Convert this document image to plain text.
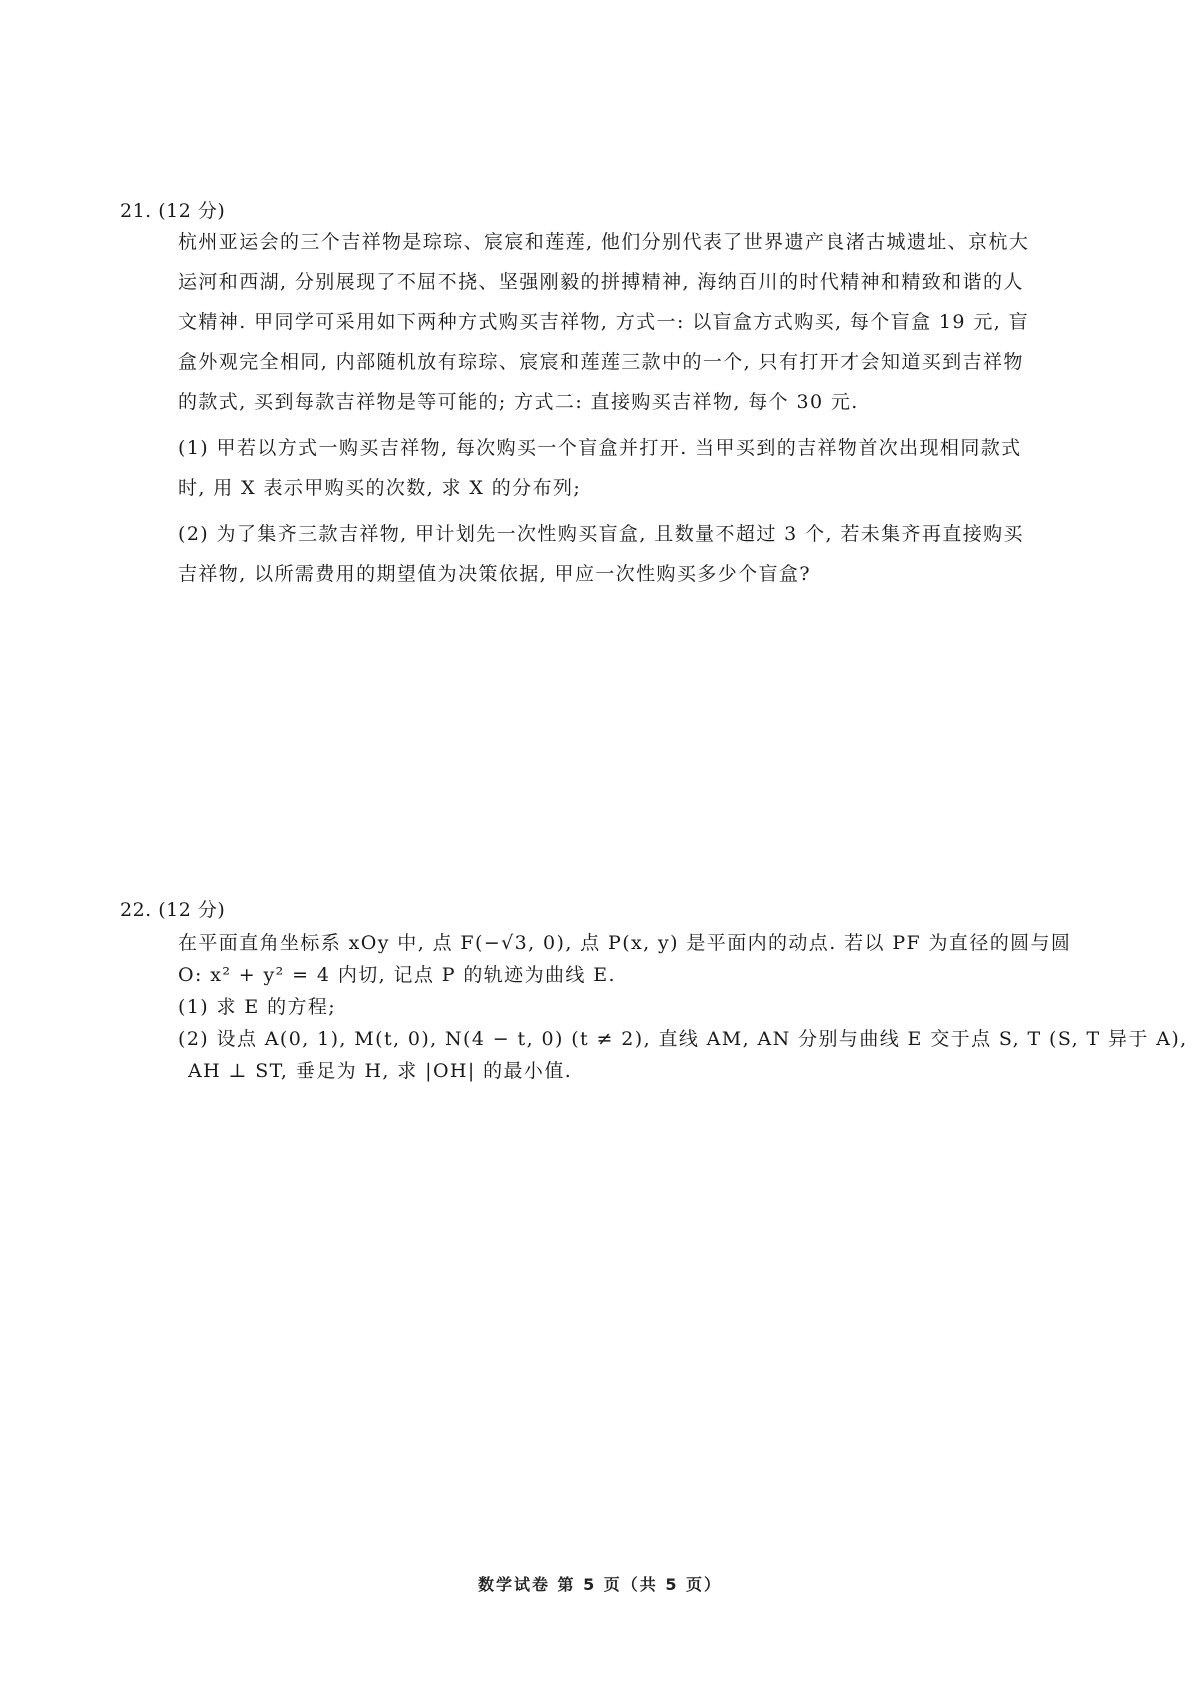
21. (12 分)

杭州亚运会的三个吉祥物是琮琮、宸宸和莲莲, 他们分别代表了世界遗产良渚古城遗址、京杭大

运河和西湖, 分别展现了不屈不挠、坚强刚毅的拼搏精神, 海纳百川的时代精神和精致和谐的人

文精神. 甲同学可采用如下两种方式购买吉祥物, 方式一: 以盲盒方式购买, 每个盲盒 19 元, 盲

盒外观完全相同, 内部随机放有琮琮、宸宸和莲莲三款中的一个, 只有打开才会知道买到吉祥物

的款式, 买到每款吉祥物是等可能的; 方式二: 直接购买吉祥物, 每个 30 元.

(1) 甲若以方式一购买吉祥物, 每次购买一个盲盒并打开. 当甲买到的吉祥物首次出现相同款式

时, 用 X 表示甲购买的次数, 求 X 的分布列;

(2) 为了集齐三款吉祥物, 甲计划先一次性购买盲盒, 且数量不超过 3 个, 若未集齐再直接购买

吉祥物, 以所需费用的期望值为决策依据, 甲应一次性购买多少个盲盒?

22. (12 分)

在平面直角坐标系 xOy 中, 点 F(−√3, 0), 点 P(x, y) 是平面内的动点. 若以 PF 为直径的圆与圆

O: x² + y² = 4 内切, 记点 P 的轨迹为曲线 E.

(1) 求 E 的方程;

(2) 设点 A(0, 1), M(t, 0), N(4 − t, 0) (t ≠ 2), 直线 AM, AN 分别与曲线 E 交于点 S, T (S, T 异于 A),

AH ⊥ ST, 垂足为 H, 求 |OH| 的最小值.

数学试卷 第 5 页（共 5 页）
